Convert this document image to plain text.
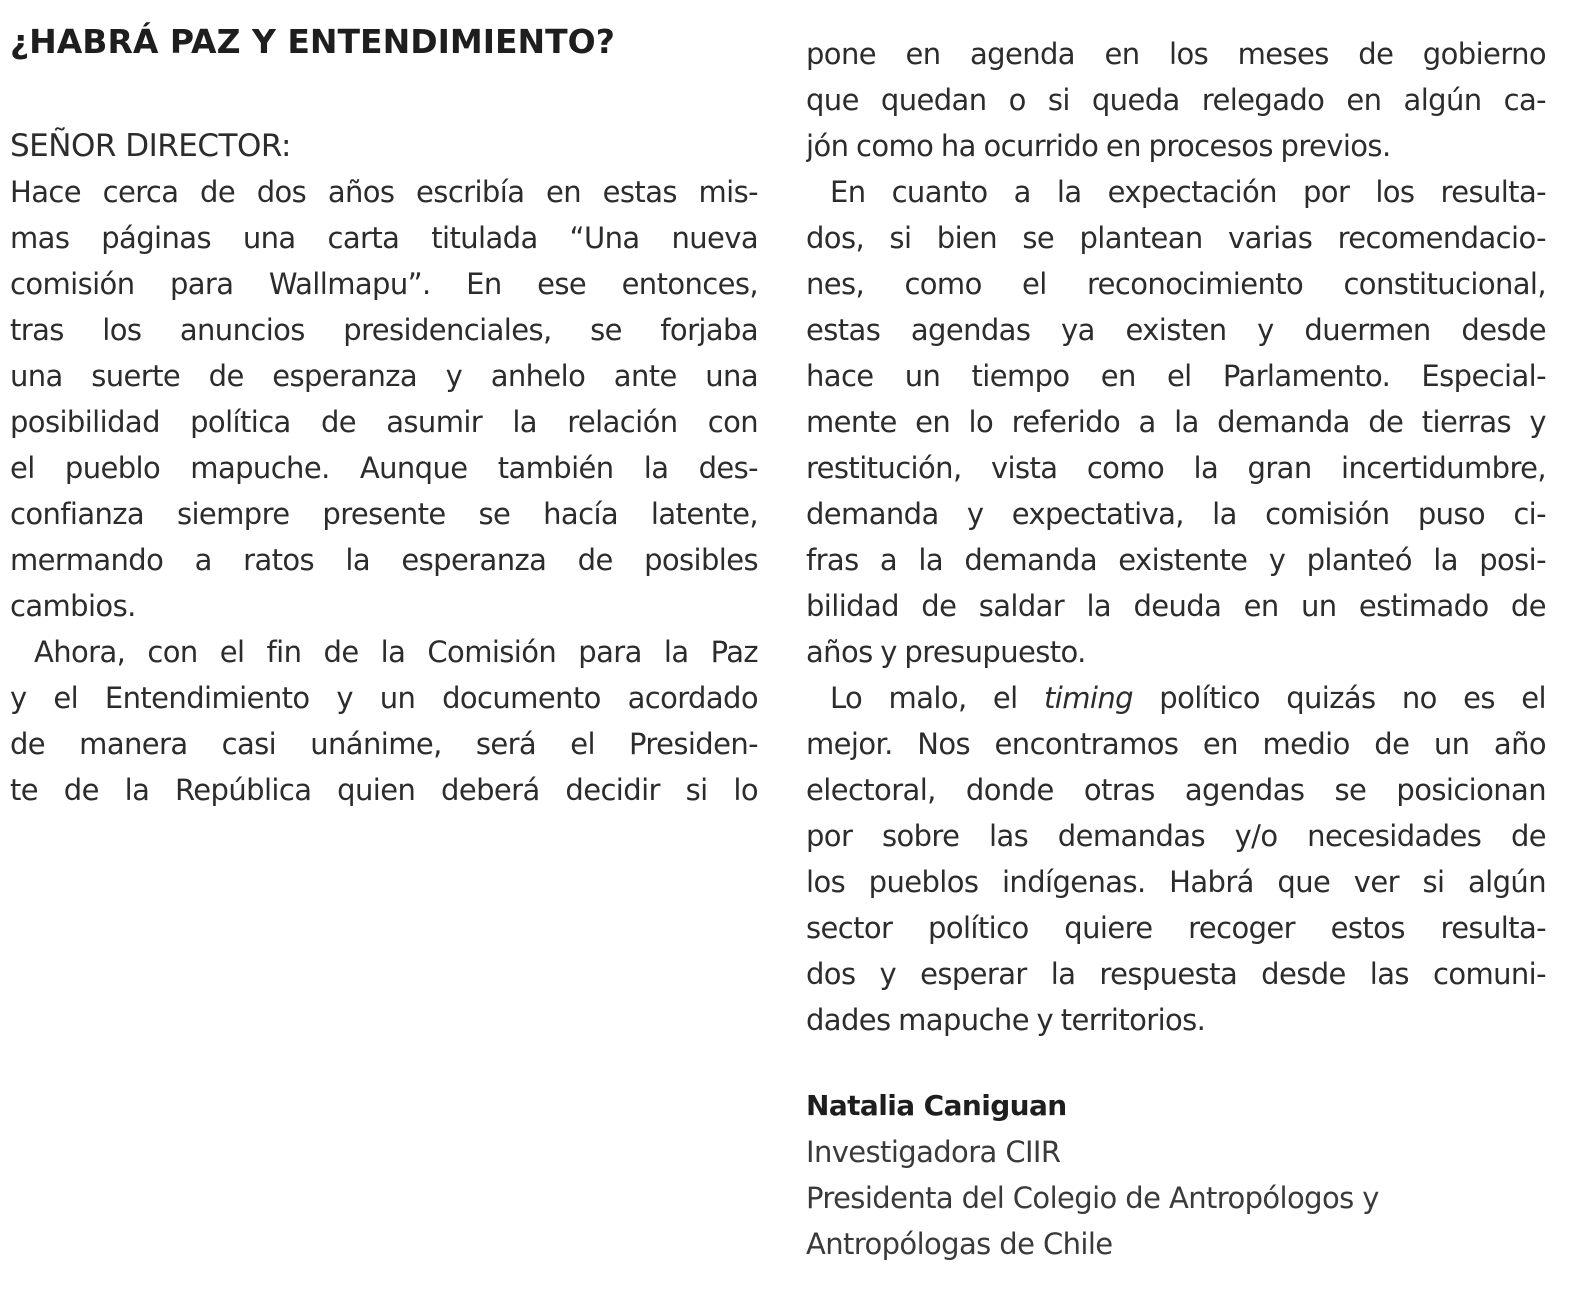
¿HABRÁ PAZ Y ENTENDIMIENTO?

SEÑOR DIRECTOR:

Hace cerca de dos años escribía en estas mis-
mas páginas una carta titulada “Una nueva
comisión para Wallmapu”. En ese entonces,
tras los anuncios presidenciales, se forjaba
una suerte de esperanza y anhelo ante una
posibilidad política de asumir la relación con
el pueblo mapuche. Aunque también la des-
confianza siempre presente se hacía latente,
mermando a ratos la esperanza de posibles
cambios.
Ahora, con el fin de la Comisión para la Paz
y el Entendimiento y un documento acordado
de manera casi unánime, será el Presiden-
te de la República quien deberá decidir si lo
pone en agenda en los meses de gobierno
que quedan o si queda relegado en algún ca-
jón como ha ocurrido en procesos previos.
En cuanto a la expectación por los resulta-
dos, si bien se plantean varias recomendacio-
nes, como el reconocimiento constitucional,
estas agendas ya existen y duermen desde
hace un tiempo en el Parlamento. Especial-
mente en lo referido a la demanda de tierras y
restitución, vista como la gran incertidumbre,
demanda y expectativa, la comisión puso ci-
fras a la demanda existente y planteó la posi-
bilidad de saldar la deuda en un estimado de
años y presupuesto.
Lo malo, el timing político quizás no es el
mejor. Nos encontramos en medio de un año
electoral, donde otras agendas se posicionan
por sobre las demandas y/o necesidades de
los pueblos indígenas. Habrá que ver si algún
sector político quiere recoger estos resulta-
dos y esperar la respuesta desde las comuni-
dades mapuche y territorios.

Natalia Caniguan

Investigadora CIIR

Presidenta del Colegio de Antropólogos y

Antropólogas de Chile
